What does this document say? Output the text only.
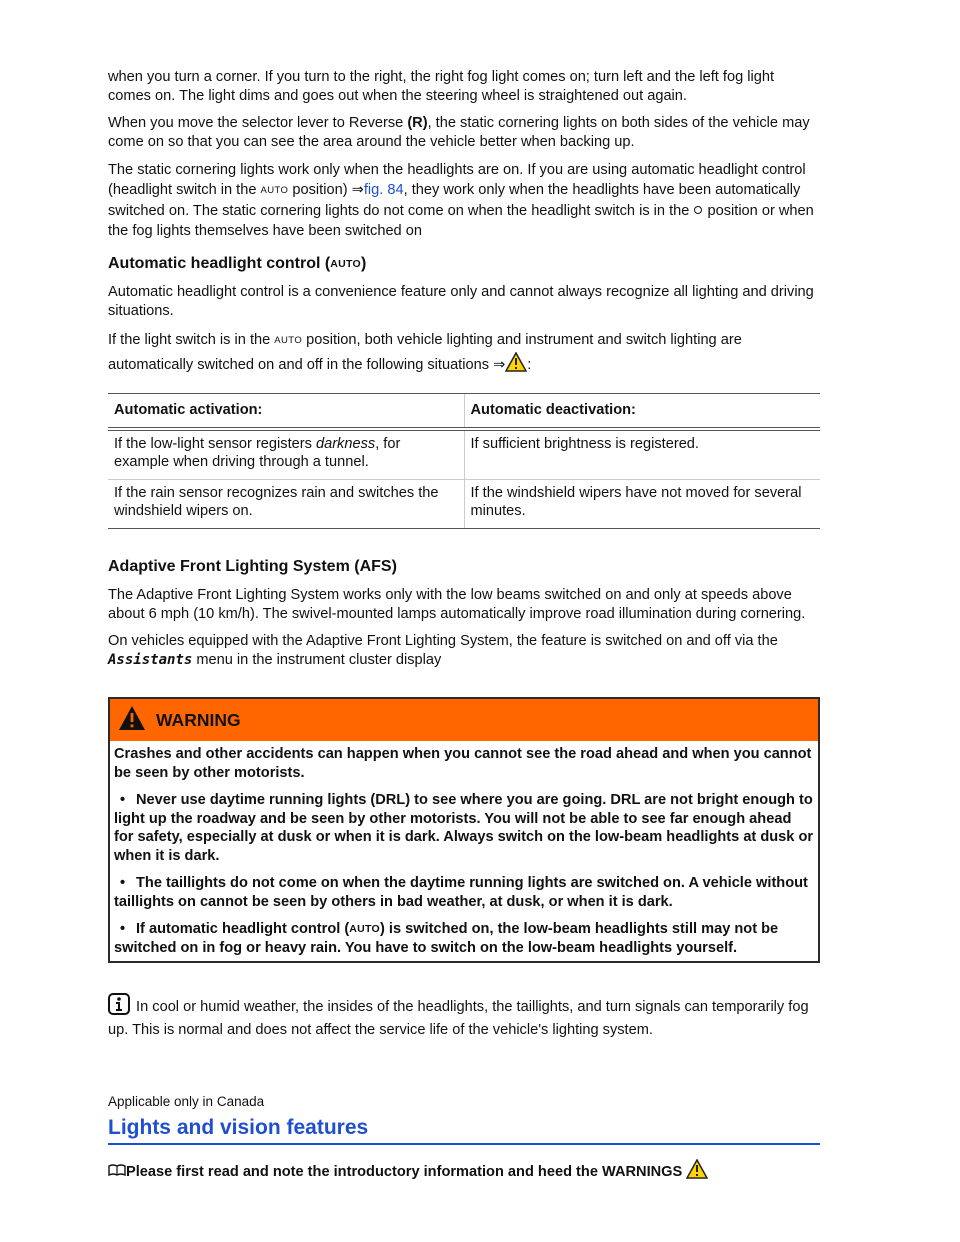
when you turn a corner. If you turn to the right, the right fog light comes on; turn left and the left fog light comes on. The light dims and goes out when the steering wheel is straightened out again.

When you move the selector lever to Reverse (R), the static cornering lights on both sides of the vehicle may come on so that you can see the area around the vehicle better when backing up.

The static cornering lights work only when the headlights are on. If you are using automatic headlight control (headlight switch in the AUTO position) ⇒fig. 84, they work only when the headlights have been automatically switched on. The static cornering lights do not come on when the headlight switch is in the  position or when the fog lights themselves have been switched on

Automatic headlight control (AUTO)

Automatic headlight control is a convenience feature only and cannot always recognize all lighting and driving situations.

If the light switch is in the AUTO position, both vehicle lighting and instrument and switch lighting are automatically switched on and off in the following situations ⇒ :

Automatic activation:	Automatic deactivation:
If the low-light sensor registers darkness, for example when driving through a tunnel.	If sufficient brightness is registered.
If the rain sensor recognizes rain and switches the windshield wipers on.	If the windshield wipers have not moved for several minutes.
Adaptive Front Lighting System (AFS)

The Adaptive Front Lighting System works only with the low beams switched on and only at speeds above about 6 mph (10 km/h). The swivel-mounted lamps automatically improve road illumination during cornering.

On vehicles equipped with the Adaptive Front Lighting System, the feature is switched on and off via the Assistants menu in the instrument cluster display

WARNING

Crashes and other accidents can happen when you cannot see the road ahead and when you cannot be seen by other motorists.

• Never use daytime running lights (DRL) to see where you are going. DRL are not bright enough to light up the roadway and be seen by other motorists. You will not be able to see far enough ahead for safety, especially at dusk or when it is dark. Always switch on the low-beam headlights at dusk or when it is dark.

• The taillights do not come on when the daytime running lights are switched on. A vehicle without taillights on cannot be seen by others in bad weather, at dusk, or when it is dark.

• If automatic headlight control (AUTO) is switched on, the low-beam headlights still may not be switched on in fog or heavy rain. You have to switch on the low-beam headlights yourself.

In cool or humid weather, the insides of the headlights, the taillights, and turn signals can temporarily fog up. This is normal and does not affect the service life of the vehicle's lighting system.

Applicable only in Canada

Lights and vision features

Please first read and note the introductory information and heed the WARNINGS
